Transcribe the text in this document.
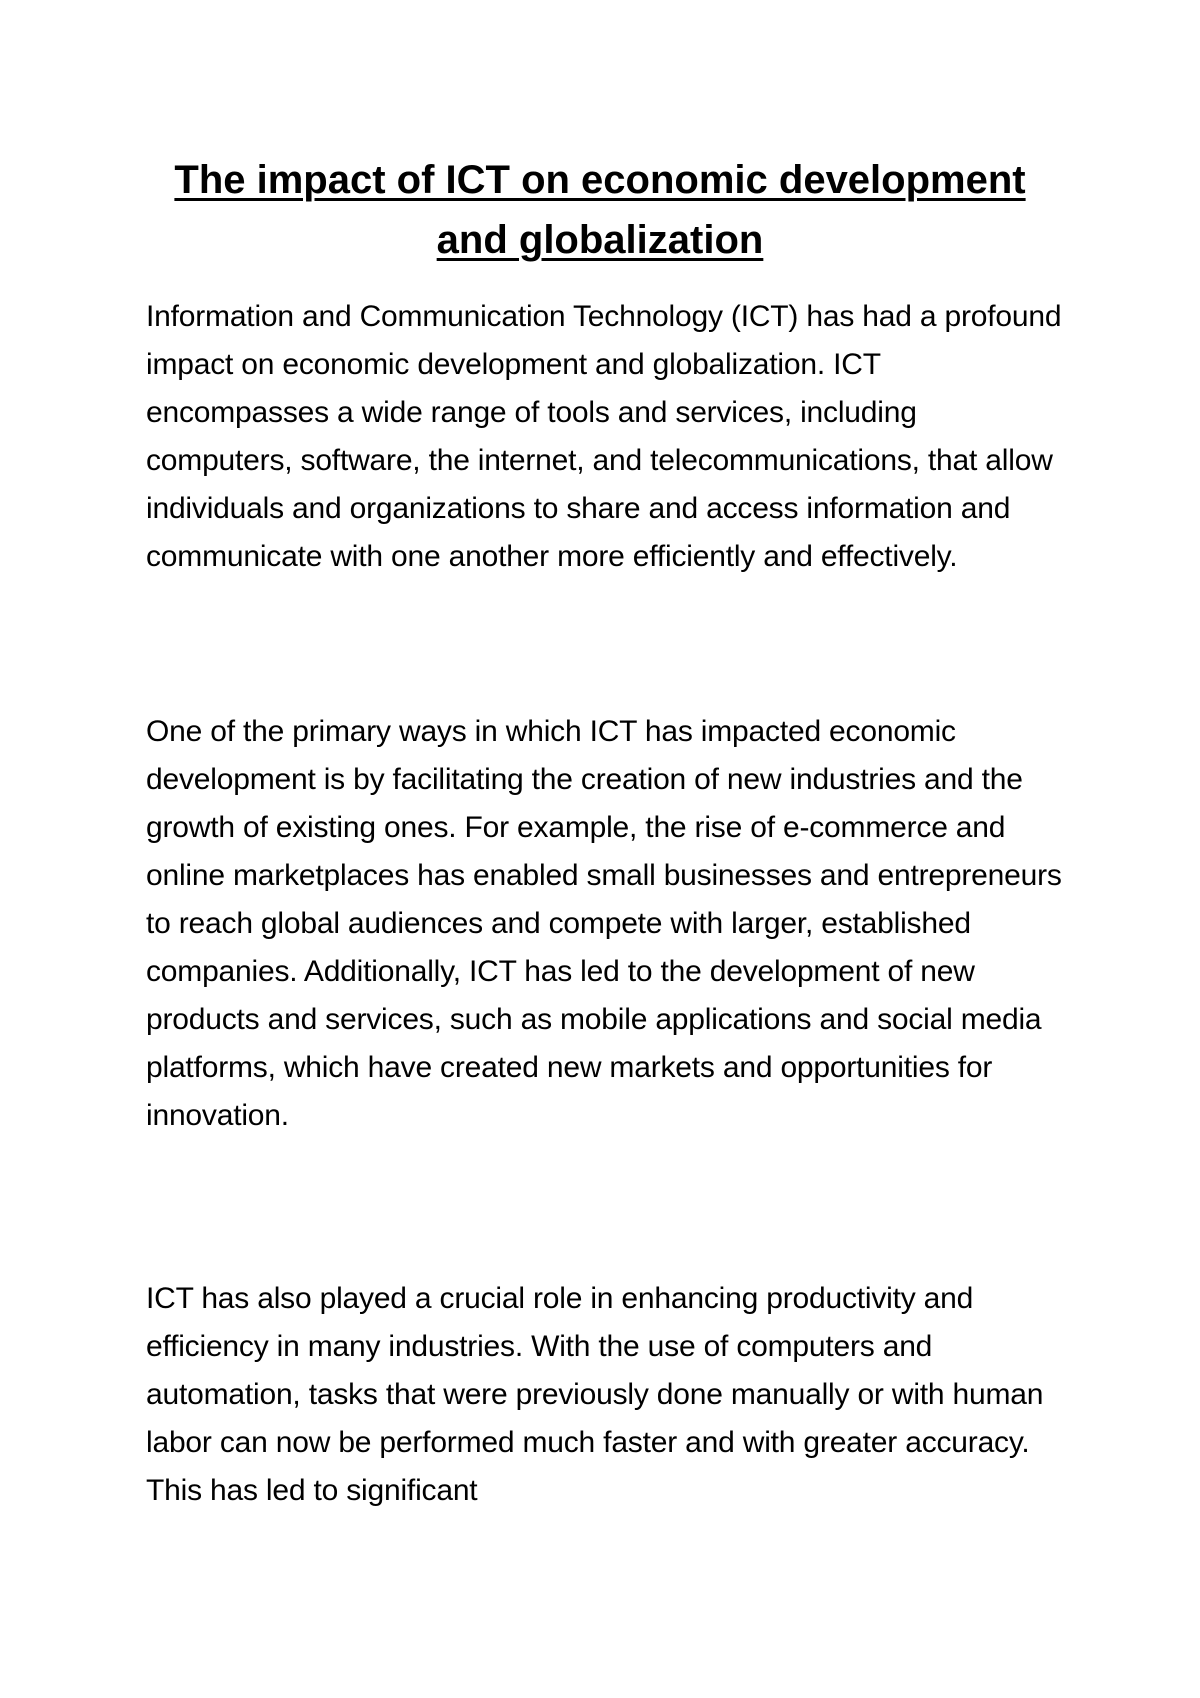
The impact of ICT on economic development and globalization

Information and Communication Technology (ICT) has had a profound impact on economic development and globalization. ICT encompasses a wide range of tools and services, including computers, software, the internet, and telecommunications, that allow individuals and organizations to share and access information and communicate with one another more efficiently and effectively.

One of the primary ways in which ICT has impacted economic development is by facilitating the creation of new industries and the growth of existing ones. For example, the rise of e-commerce and online marketplaces has enabled small businesses and entrepreneurs to reach global audiences and compete with larger, established companies. Additionally, ICT has led to the development of new products and services, such as mobile applications and social media platforms, which have created new markets and opportunities for innovation.

ICT has also played a crucial role in enhancing productivity and efficiency in many industries. With the use of computers and automation, tasks that were previously done manually or with human labor can now be performed much faster and with greater accuracy. This has led to significant
